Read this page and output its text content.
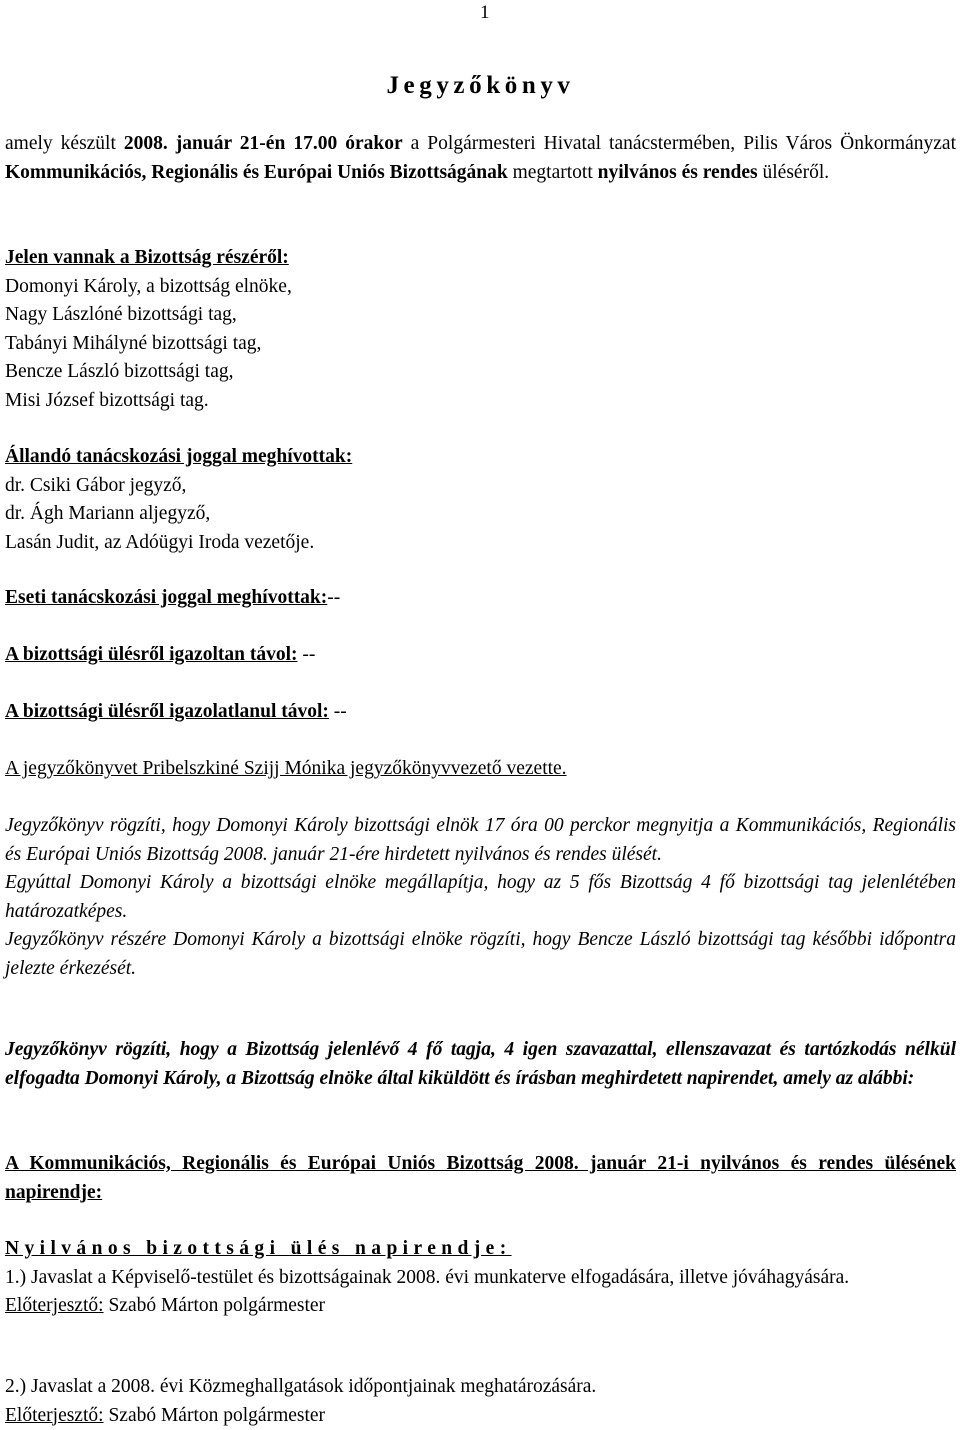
1
Jegyzőkönyv
amely készült 2008. január 21-én 17.00 órakor a Polgármesteri Hivatal tanácstermében, Pilis Város Önkormányzat Kommunikációs, Regionális és Európai Uniós Bizottságának megtartott nyilvános és rendes üléséről.

Jelen vannak a Bizottság részéről:

Domonyi Károly, a bizottság elnöke,

Nagy Lászlóné bizottsági tag,

Tabányi Mihályné bizottsági tag,

Bencze László bizottsági tag,

Misi József bizottsági tag.

Állandó tanácskozási joggal meghívottak:

dr. Csiki Gábor jegyző,

dr. Ágh Mariann aljegyző,

Lasán Judit, az Adóügyi Iroda vezetője.

Eseti tanácskozási joggal meghívottak:--
A bizottsági ülésről igazoltan távol: --
A bizottsági ülésről igazolatlanul távol: --
A jegyzőkönyvet Pribelszkiné Szijj Mónika jegyzőkönyvvezető vezette.

Jegyzőkönyv rögzíti, hogy Domonyi Károly bizottsági elnök 17 óra 00 perckor megnyitja a Kommunikációs, Regionális és Európai Uniós Bizottság 2008. január 21-ére hirdetett nyilvános és rendes ülését.

Egyúttal Domonyi Károly a bizottsági elnöke megállapítja, hogy az 5 fős Bizottság 4 fő bizottsági tag jelenlétében határozatképes.

Jegyzőkönyv részére Domonyi Károly a bizottsági elnöke rögzíti, hogy Bencze László bizottsági tag későbbi időpontra jelezte érkezését.

Jegyzőkönyv rögzíti, hogy a Bizottság jelenlévő 4 fő tagja, 4 igen szavazattal, ellenszavazat és tartózkodás nélkül elfogadta Domonyi Károly, a Bizottság elnöke által kiküldött és írásban meghirdetett napirendet, amely az alábbi:
A Kommunikációs, Regionális és Európai Uniós Bizottság 2008. január 21-i nyilvános és rendes ülésének napirendje:

Nyilvános bizottsági ülés napirendje:

1.) Javaslat a Képviselő-testület és bizottságainak 2008. évi munkaterve elfogadására, illetve jóváhagyására.

Előterjesztő: Szabó Márton polgármester

2.) Javaslat a 2008. évi Közmeghallgatások időpontjainak meghatározására.

Előterjesztő: Szabó Márton polgármester
